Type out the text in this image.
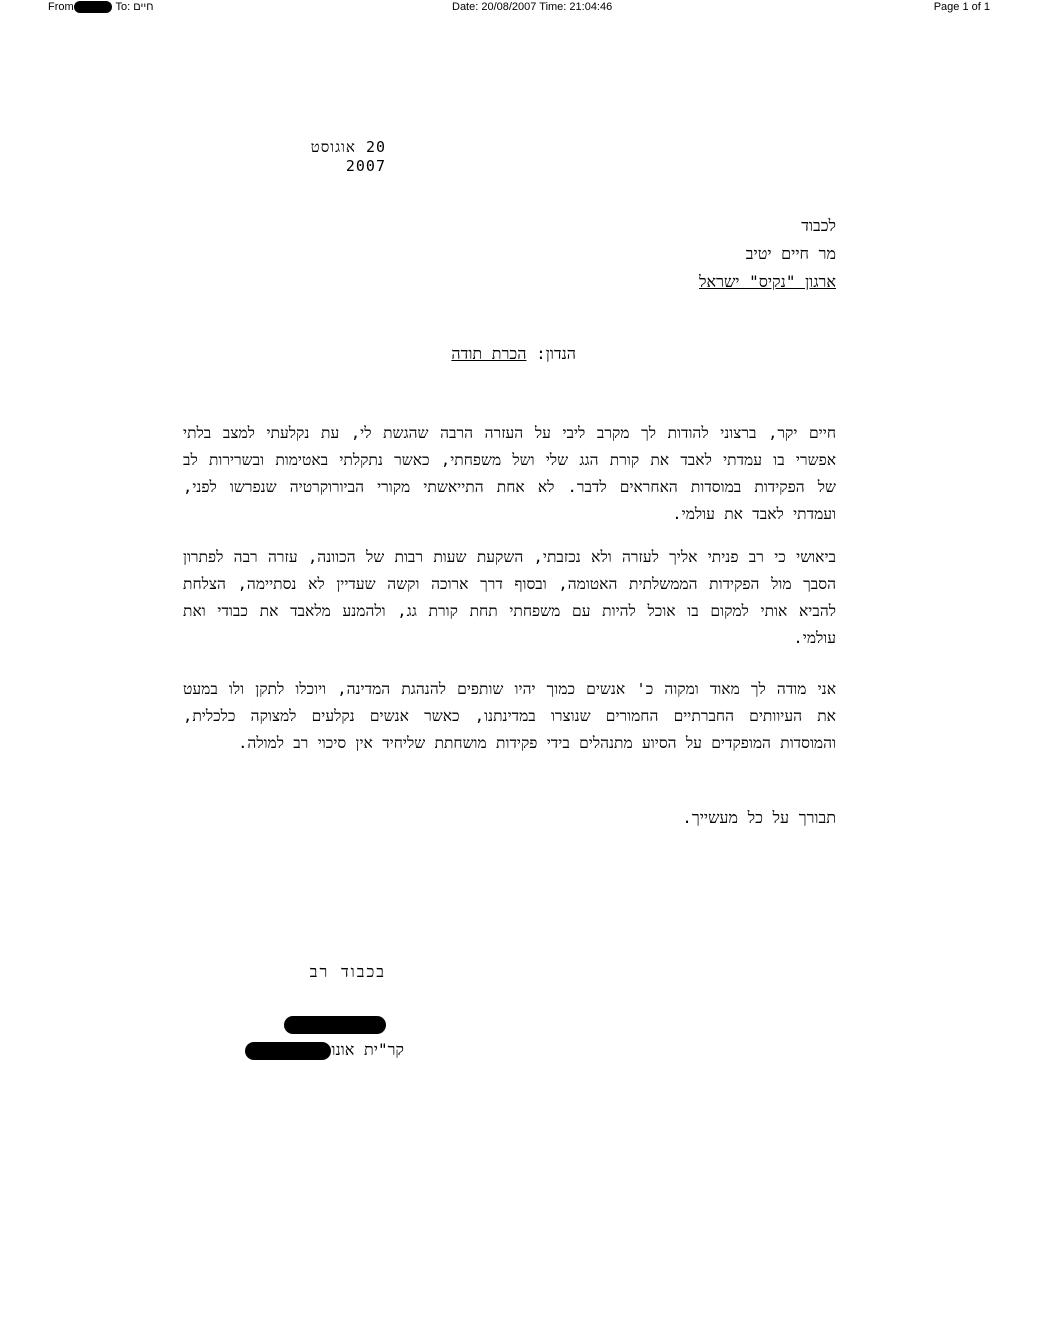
From	To: חיים	Date: 20/08/2007 Time: 21:04:46	Page 1 of 1
20 אוגוסט 2007
לכבוד
מר חיים יטיב
ארגון "נקיס" ישראל
הנדון: הכרת תודה
חיים יקר, ברצוני להודות לך מקרב ליבי על העזרה הרבה שהגשת לי, עת נקלעתי למצב בלתי אפשרי בו עמדתי לאבד את קורת הגג שלי ושל משפחתי, כאשר נתקלתי באטימות ובשרירות לב של הפקידות במוסדות האחראים לדבר. לא אחת התייאשתי מקורי הביורוקרטיה שנפרשו לפני, ועמדתי לאבד את עולמי.
ביאושי כי רב פניתי אליך לעזרה ולא נכזבתי, השקעת שעות רבות של הכוונה, עזרה רבה לפתרון הסבך מול הפקידות הממשלתית האטומה, ובסוף דרך ארוכה וקשה שעדיין לא נסתיימה, הצלחת להביא אותי למקום בו אוכל להיות עם משפחתי תחת קורת גג, ולהמנע מלאבד את כבודי ואת עולמי.
אני מודה לך מאוד ומקוה כ' אנשים כמוך יהיו שותפים להנהגת המדינה, ויוכלו לתקן ולו במעט את העיוותים החברתיים החמורים שנוצרו במדינתנו, כאשר אנשים נקלעים למצוקה כלכלית, והמוסדות המופקדים על הסיוע מתנהלים בידי פקידות מושחתת שליחיד אין סיכוי רב למולה.
תבורך על כל מעשייך.
בכבוד רב
קר"ית אונו
